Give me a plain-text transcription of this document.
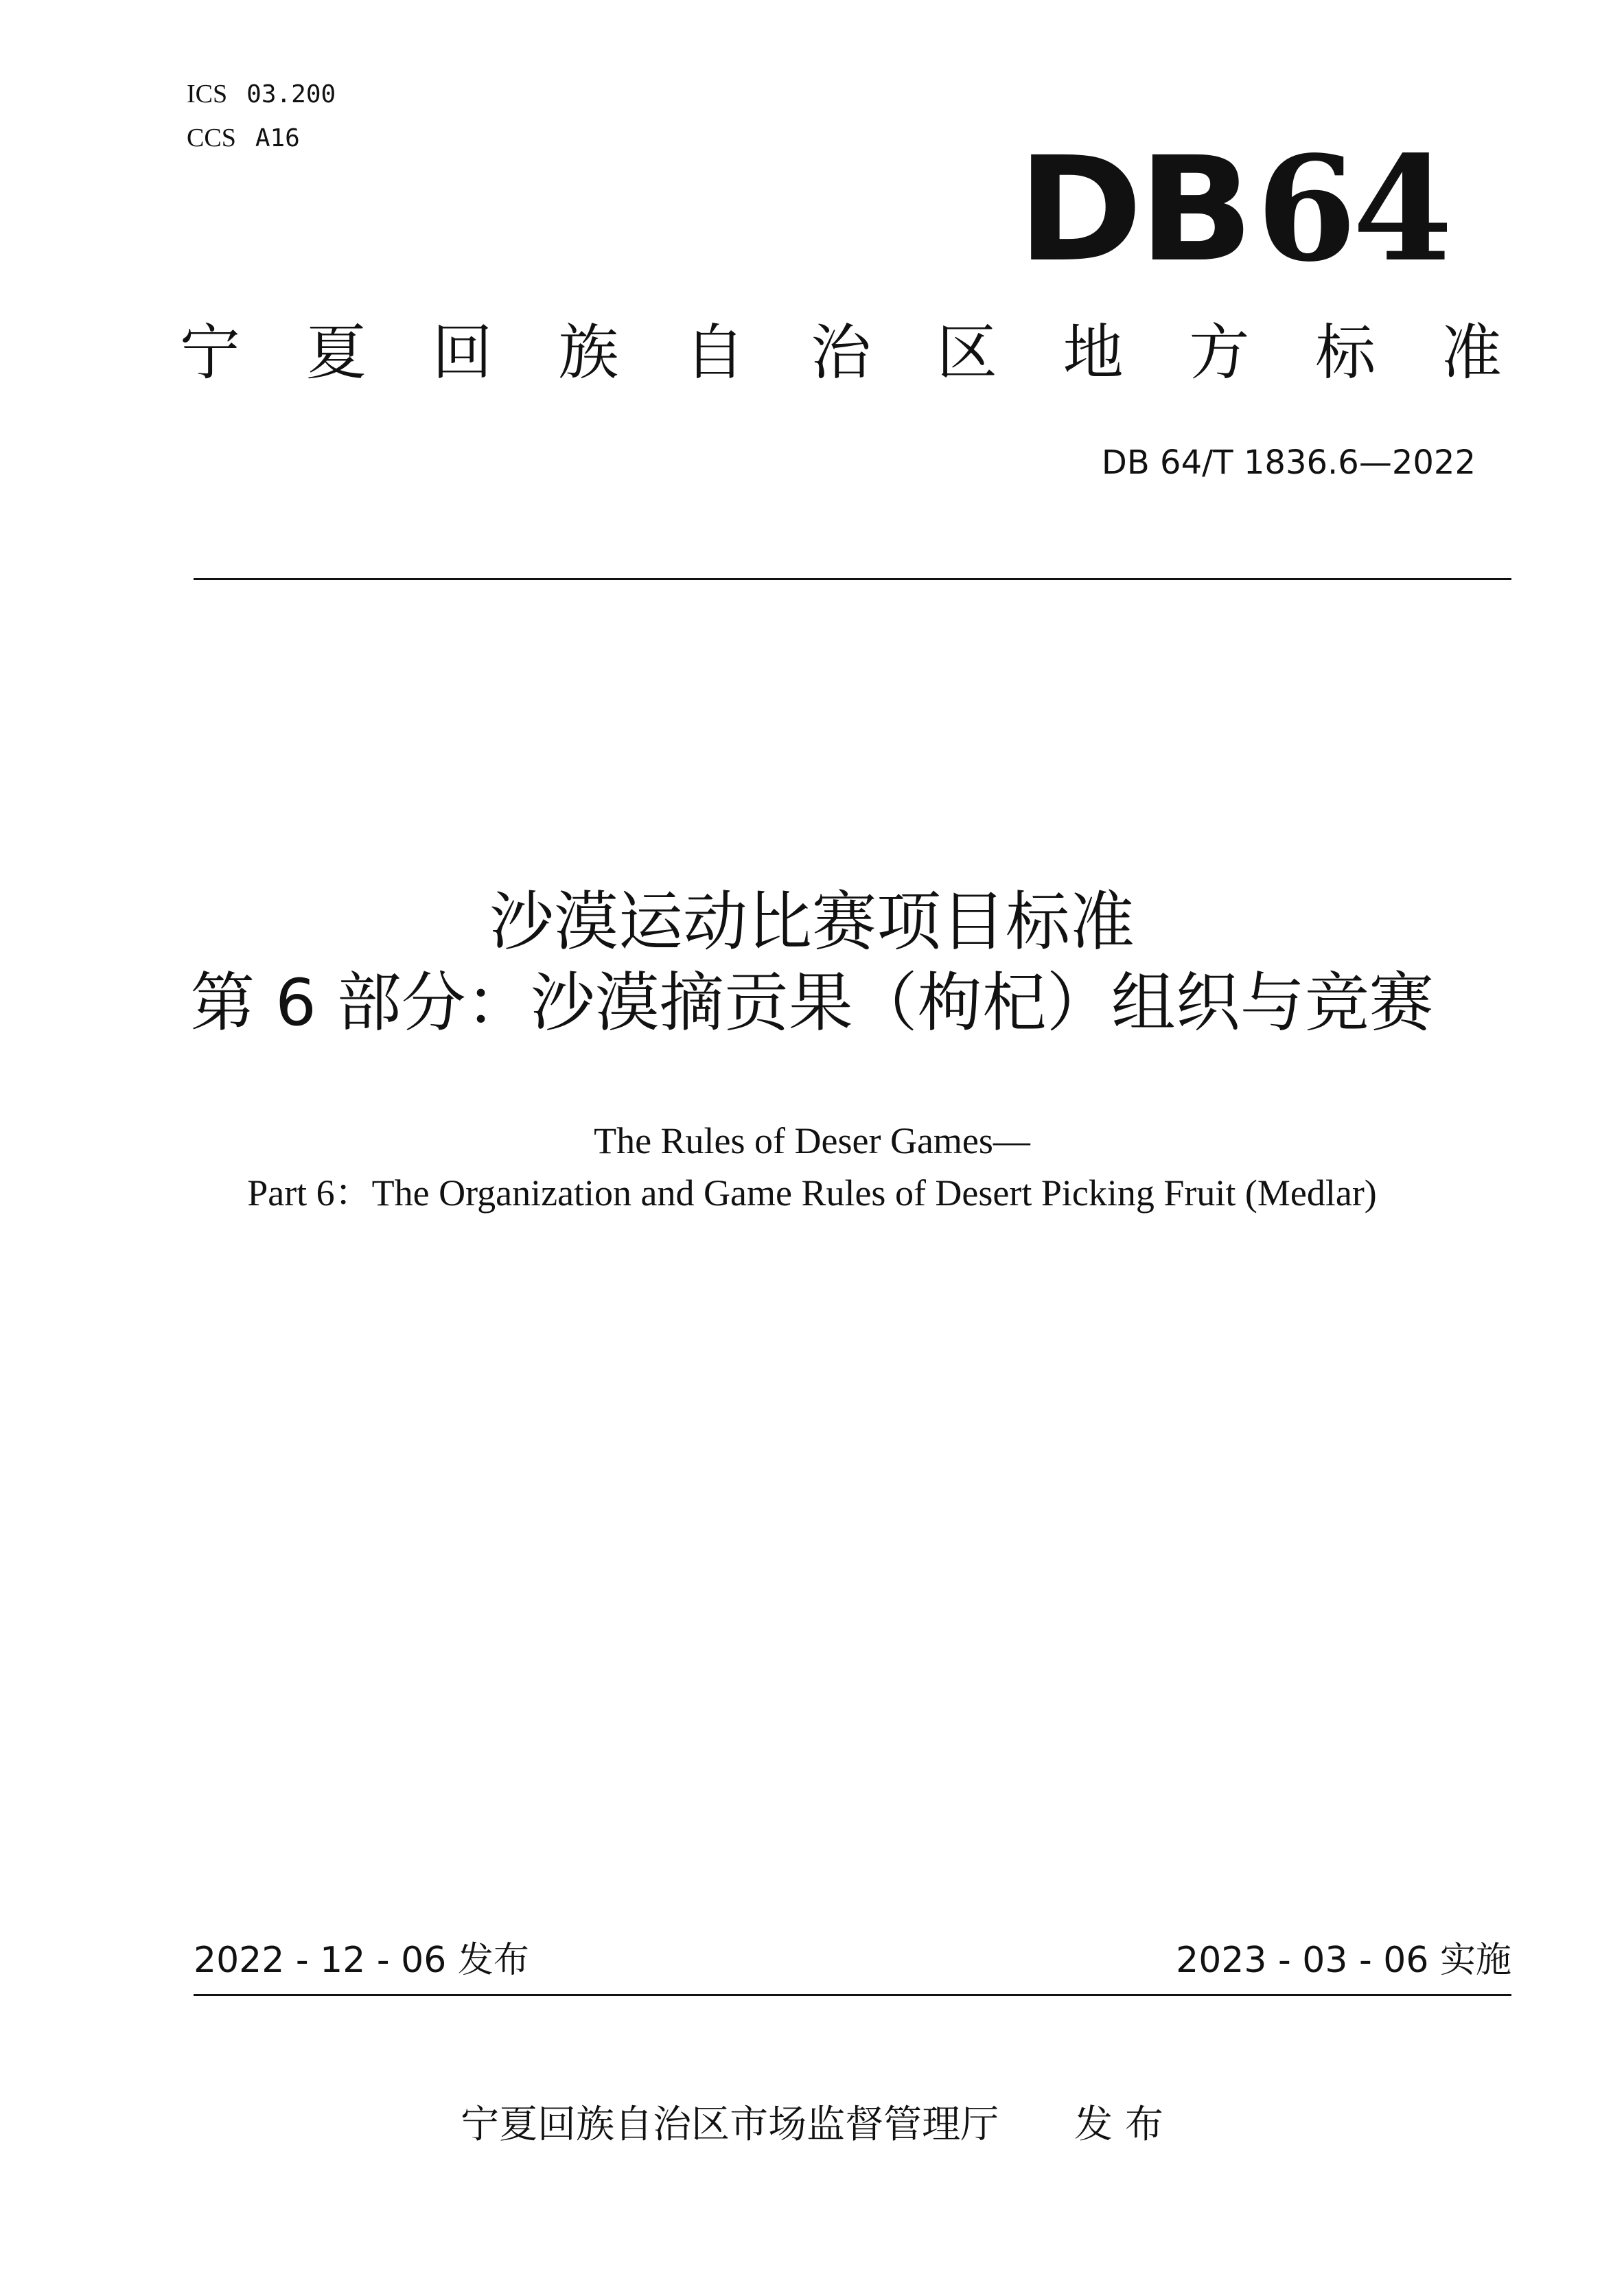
ICS 03.200
CCS A16	DB64
宁 夏 回 族 自 治 区 地 方 标 准
DB 64/T 1836.6—2022
沙漠运动比赛项目标准
第 6 部分：沙漠摘贡果（枸杞）组织与竞赛
The Rules of Deser Games—
Part 6：The Organization and Game Rules of Desert Picking Fruit (Medlar)
2022 - 12 - 06 发布	2023 - 03 - 06 实施
宁夏回族自治区市场监督管理厅 发 布
